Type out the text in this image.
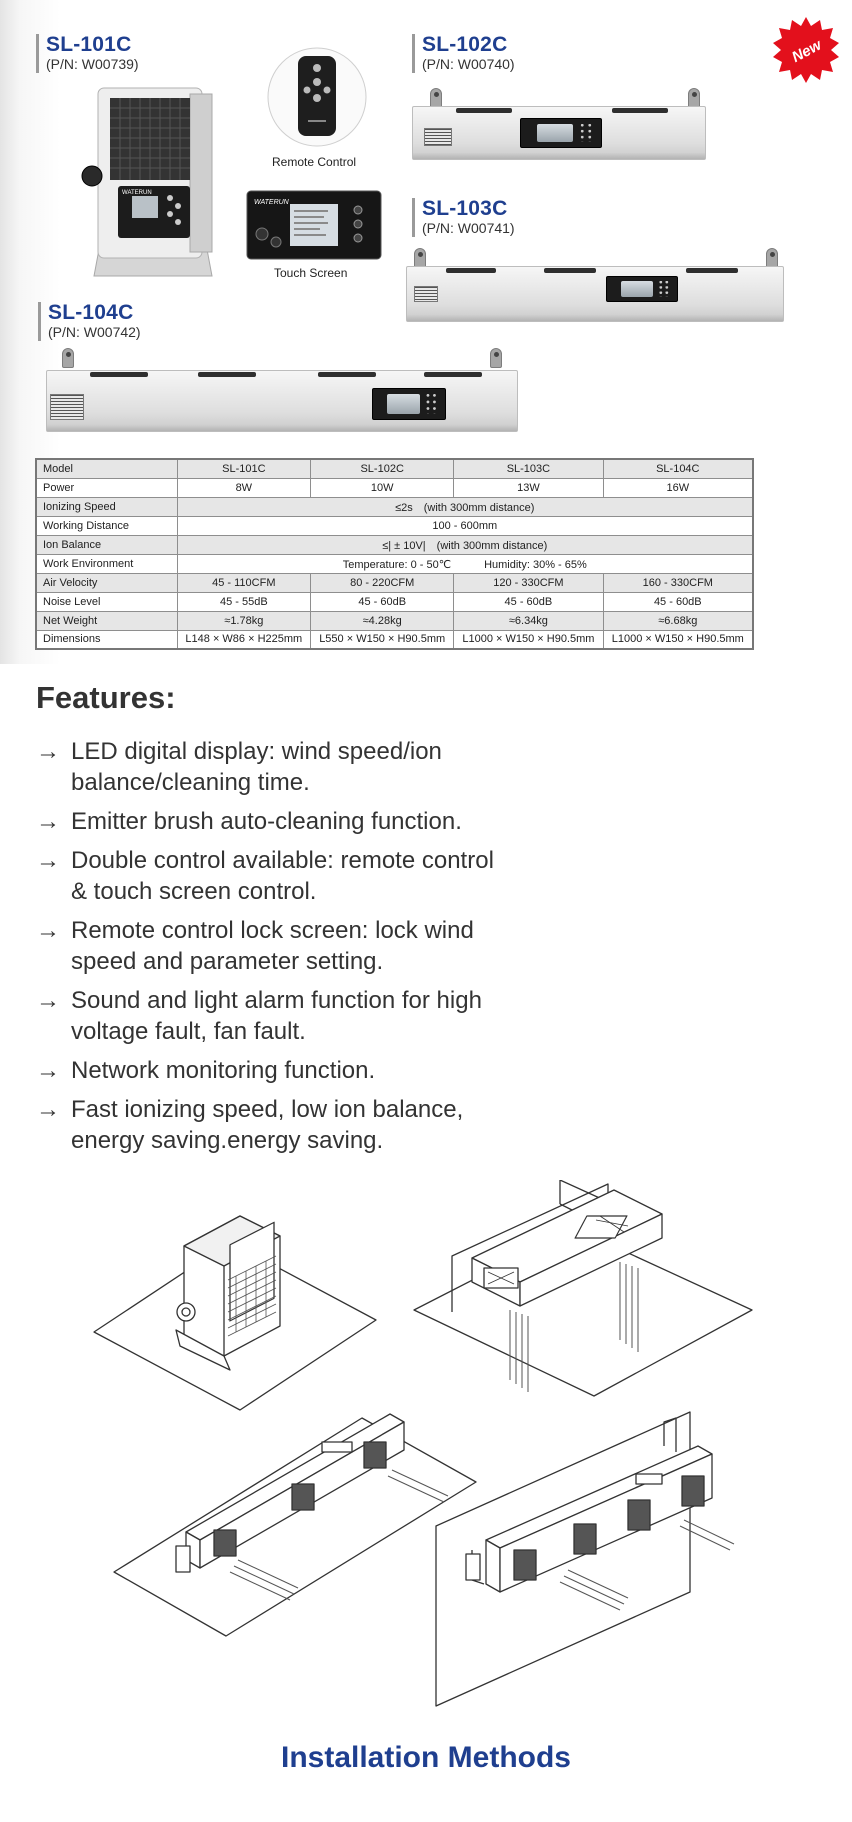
SL-101C
(P/N: W00739)
SL-102C
(P/N: W00740)
SL-103C
(P/N: W00741)
SL-104C
(P/N: W00742)
New
WATERUN
Remote Control
WATERUN
Touch Screen
Model	SL-101C	SL-102C	SL-103C	SL-104C
Power	8W	10W	13W	16W
Ionizing Speed	≤2s　(with 300mm distance)			
Working Distance	100 - 600mm			
Ion Balance	≤| ± 10V|　(with 300mm distance)			
Work Environment	Temperature: 0 - 50℃　　　Humidity: 30% - 65%			
Air Velocity	45 - 110CFM	80 - 220CFM	120 - 330CFM	160 - 330CFM
Noise Level	45 - 55dB	45 - 60dB	45 - 60dB	45 - 60dB
Net Weight	≈1.78kg	≈4.28kg	≈6.34kg	≈6.68kg
Dimensions	L148 × W86 × H225mm	L550 × W150 × H90.5mm	L1000 × W150 × H90.5mm	L1000 × W150 × H90.5mm
Features:
→ LED digital display: wind speed/ion
balance/cleaning time.
→ Emitter brush auto-cleaning function.
→ Double control available: remote control
& touch screen control.
→ Remote control lock screen: lock wind
speed and parameter setting.
→ Sound and light alarm function for high
voltage fault, fan fault.
→ Network monitoring function.
→ Fast ionizing speed, low ion balance,
energy saving.energy saving.
Installation Methods
